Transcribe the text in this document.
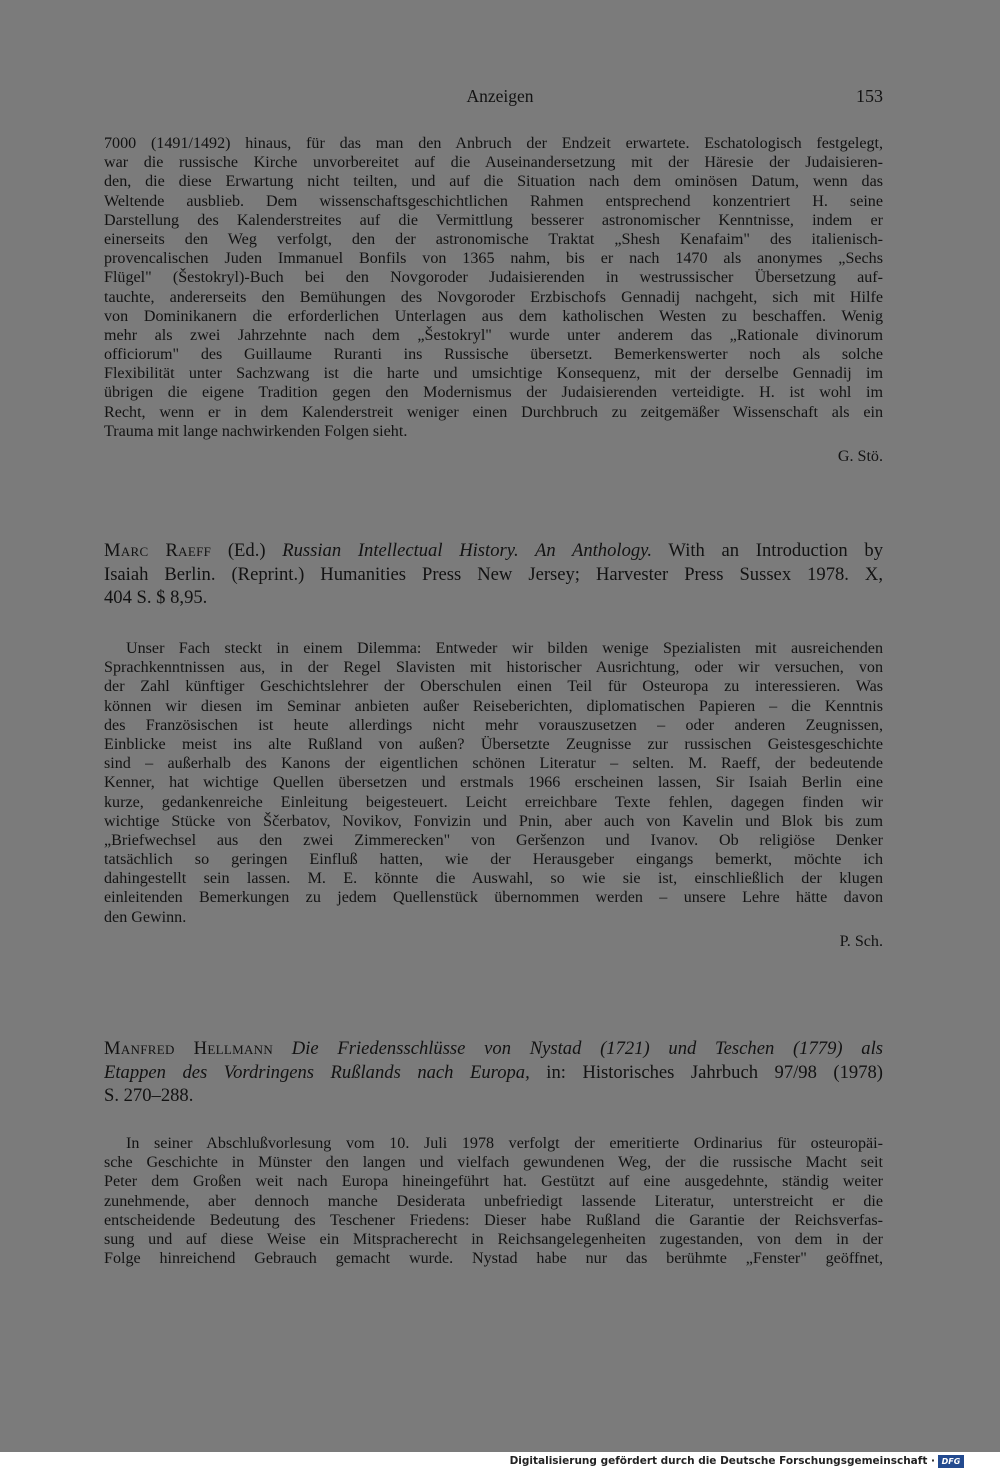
Anzeigen	153
7000 (1491/1492) hinaus, für das man den Anbruch der Endzeit erwartete. Eschatologisch festgelegt,
war die russische Kirche unvorbereitet auf die Auseinandersetzung mit der Häresie der Judaisieren-
den, die diese Erwartung nicht teilten, und auf die Situation nach dem ominösen Datum, wenn das
Weltende ausblieb. Dem wissenschaftsgeschichtlichen Rahmen entsprechend konzentriert H. seine
Darstellung des Kalenderstreites auf die Vermittlung besserer astronomischer Kenntnisse, indem er
einerseits den Weg verfolgt, den der astronomische Traktat „Shesh Kenafaim" des italienisch-
provencalischen Juden Immanuel Bonfils von 1365 nahm, bis er nach 1470 als anonymes „Sechs
Flügel" (Šestokryl)-Buch bei den Novgoroder Judaisierenden in westrussischer Übersetzung auf-
tauchte, andererseits den Bemühungen des Novgoroder Erzbischofs Gennadij nachgeht, sich mit Hilfe
von Dominikanern die erforderlichen Unterlagen aus dem katholischen Westen zu beschaffen. Wenig
mehr als zwei Jahrzehnte nach dem „Šestokryl" wurde unter anderem das „Rationale divinorum
officiorum" des Guillaume Ruranti ins Russische übersetzt. Bemerkenswerter noch als solche
Flexibilität unter Sachzwang ist die harte und umsichtige Konsequenz, mit der derselbe Gennadij im
übrigen die eigene Tradition gegen den Modernismus der Judaisierenden verteidigte. H. ist wohl im
Recht, wenn er in dem Kalenderstreit weniger einen Durchbruch zu zeitgemäßer Wissenschaft als ein
Trauma mit lange nachwirkenden Folgen sieht.
G. Stö.
Marc Raeff (Ed.) Russian Intellectual History. An Anthology. With an Introduction by
Isaiah Berlin. (Reprint.) Humanities Press New Jersey; Harvester Press Sussex 1978. X,
404 S. $ 8,95.
Unser Fach steckt in einem Dilemma: Entweder wir bilden wenige Spezialisten mit ausreichenden
Sprachkenntnissen aus, in der Regel Slavisten mit historischer Ausrichtung, oder wir versuchen, von
der Zahl künftiger Geschichtslehrer der Oberschulen einen Teil für Osteuropa zu interessieren. Was
können wir diesen im Seminar anbieten außer Reiseberichten, diplomatischen Papieren – die Kenntnis
des Französischen ist heute allerdings nicht mehr vorauszusetzen – oder anderen Zeugnissen,
Einblicke meist ins alte Rußland von außen? Übersetzte Zeugnisse zur russischen Geistesgeschichte
sind – außerhalb des Kanons der eigentlichen schönen Literatur – selten. M. Raeff, der bedeutende
Kenner, hat wichtige Quellen übersetzen und erstmals 1966 erscheinen lassen, Sir Isaiah Berlin eine
kurze, gedankenreiche Einleitung beigesteuert. Leicht erreichbare Texte fehlen, dagegen finden wir
wichtige Stücke von Ščerbatov, Novikov, Fonvizin und Pnin, aber auch von Kavelin und Blok bis zum
„Briefwechsel aus den zwei Zimmerecken" von Geršenzon und Ivanov. Ob religiöse Denker
tatsächlich so geringen Einfluß hatten, wie der Herausgeber eingangs bemerkt, möchte ich
dahingestellt sein lassen. M. E. könnte die Auswahl, so wie sie ist, einschließlich der klugen
einleitenden Bemerkungen zu jedem Quellenstück übernommen werden – unsere Lehre hätte davon
den Gewinn.
P. Sch.
Manfred Hellmann Die Friedensschlüsse von Nystad (1721) und Teschen (1779) als
Etappen des Vordringens Rußlands nach Europa, in: Historisches Jahrbuch 97/98 (1978)
S. 270–288.
In seiner Abschlußvorlesung vom 10. Juli 1978 verfolgt der emeritierte Ordinarius für osteuropäi-
sche Geschichte in Münster den langen und vielfach gewundenen Weg, der die russische Macht seit
Peter dem Großen weit nach Europa hineingeführt hat. Gestützt auf eine ausgedehnte, ständig weiter
zunehmende, aber dennoch manche Desiderata unbefriedigt lassende Literatur, unterstreicht er die
entscheidende Bedeutung des Teschener Friedens: Dieser habe Rußland die Garantie der Reichsverfas-
sung und auf diese Weise ein Mitspracherecht in Reichsangelegenheiten zugestanden, von dem in der
Folge hinreichend Gebrauch gemacht wurde. Nystad habe nur das berühmte „Fenster" geöffnet,
Digitalisierung gefördert durch die Deutsche Forschungsgemeinschaft · DFG
